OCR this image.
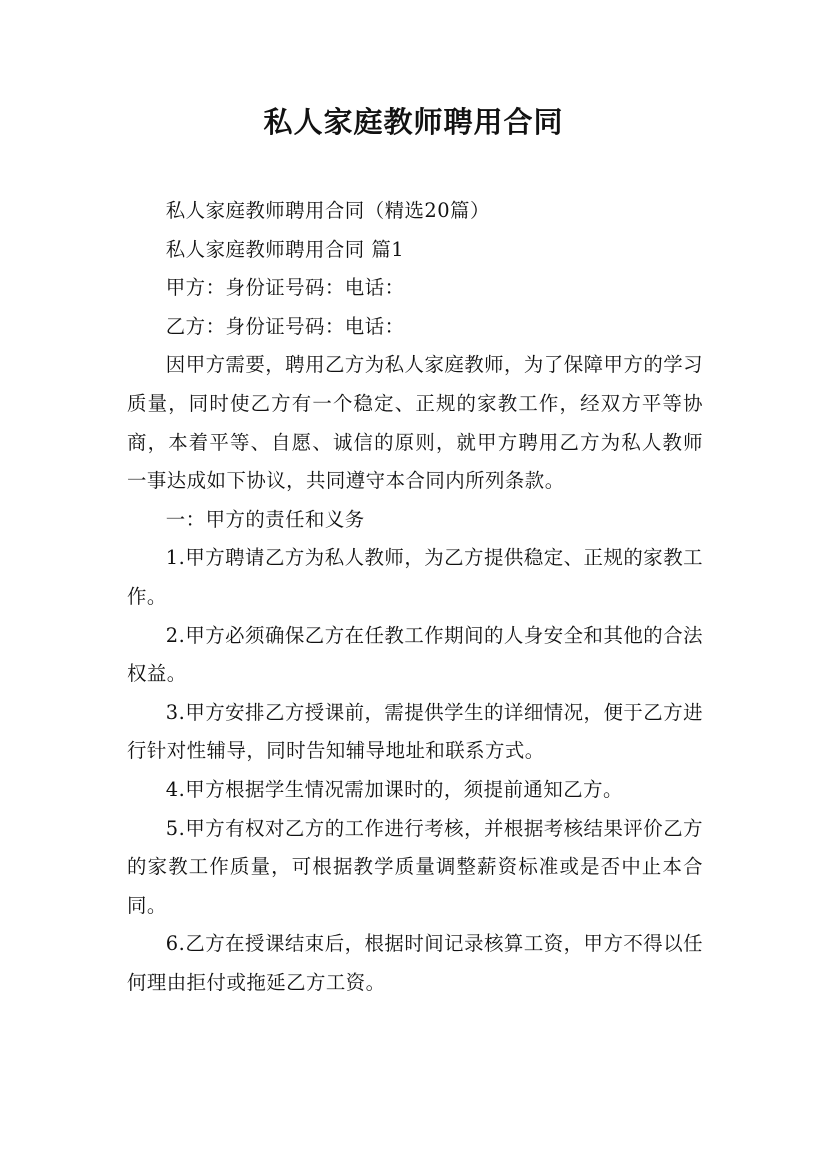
私人家庭教师聘用合同

私人家庭教师聘用合同（精选20篇）

私人家庭教师聘用合同 篇1

甲方：身份证号码：电话：

乙方：身份证号码：电话：

因甲方需要，聘用乙方为私人家庭教师，为了保障甲方的学习质量，同时使乙方有一个稳定、正规的家教工作，经双方平等协商，本着平等、自愿、诚信的原则，就甲方聘用乙方为私人教师一事达成如下协议，共同遵守本合同内所列条款。

一：甲方的责任和义务

1.甲方聘请乙方为私人教师，为乙方提供稳定、正规的家教工作。

2.甲方必须确保乙方在任教工作期间的人身安全和其他的合法权益。

3.甲方安排乙方授课前，需提供学生的详细情况，便于乙方进行针对性辅导，同时告知辅导地址和联系方式。

4.甲方根据学生情况需加课时的，须提前通知乙方。

5.甲方有权对乙方的工作进行考核，并根据考核结果评价乙方的家教工作质量，可根据教学质量调整薪资标准或是否中止本合同。

6.乙方在授课结束后，根据时间记录核算工资，甲方不得以任何理由拒付或拖延乙方工资。
